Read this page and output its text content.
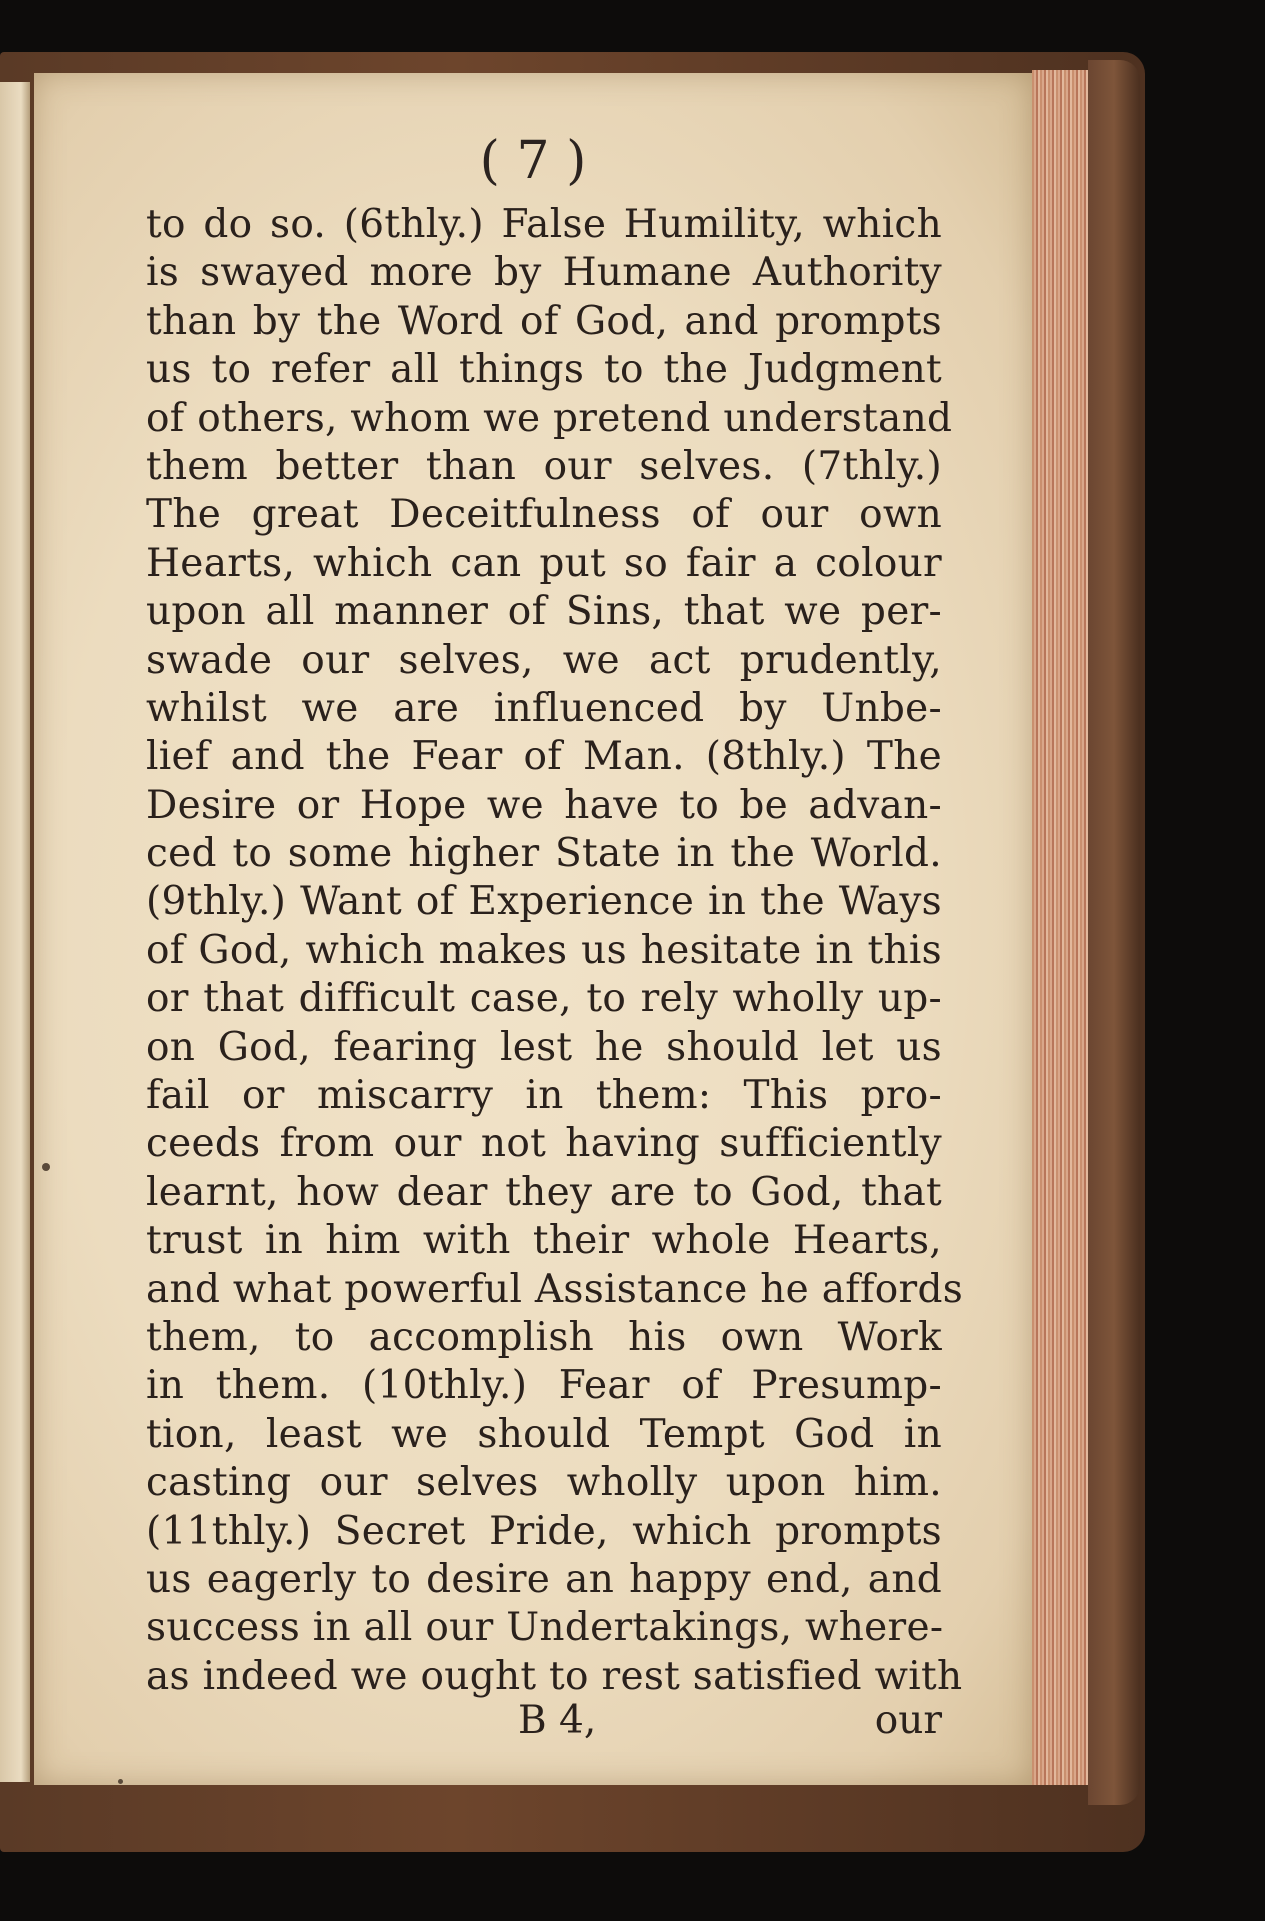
( 7 )
to do so. (6thly.) False Humility, which
is swayed more by Humane Authority
than by the Word of God, and prompts
us to refer all things to the Judgment
of others, whom we pretend understand
them better than our selves. (7thly.)
The great Deceitfulness of our own
Hearts, which can put so fair a colour
upon all manner of Sins, that we per-
swade our selves, we act prudently,
whilst we are influenced by Unbe-
lief and the Fear of Man. (8thly.) The
Desire or Hope we have to be advan-
ced to some higher State in the World.
(9thly.) Want of Experience in the Ways
of God, which makes us hesitate in this
or that difficult case, to rely wholly up-
on God, fearing lest he should let us
fail or miscarry in them: This pro-
ceeds from our not having sufficiently
learnt, how dear they are to God, that
trust in him with their whole Hearts,
and what powerful Assistance he affords
them, to accomplish his own Work
in them. (10thly.) Fear of Presump-
tion, least we should Tempt God in
casting our selves wholly upon him.
(11thly.) Secret Pride, which prompts
us eagerly to desire an happy end, and
success in all our Undertakings, where-
as indeed we ought to rest satisfied with
B 4,	our
